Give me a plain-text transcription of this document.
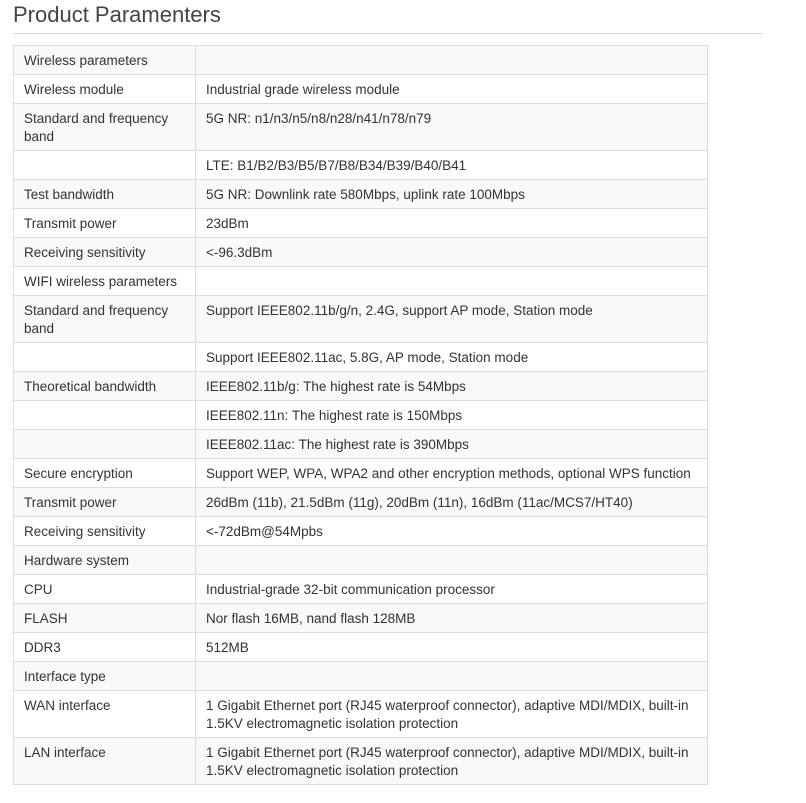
Product Paramenters
Wireless parameters	
Wireless module	Industrial grade wireless module
Standard and frequency band	5G NR: n1/n3/n5/n8/n28/n41/n78/n79
	LTE: B1/B2/B3/B5/B7/B8/B34/B39/B40/B41
Test bandwidth	5G NR: Downlink rate 580Mbps, uplink rate 100Mbps
Transmit power	23dBm
Receiving sensitivity	<-96.3dBm
WIFI wireless parameters	
Standard and frequency band	Support IEEE802.11b/g/n, 2.4G, support AP mode, Station mode
	Support IEEE802.11ac, 5.8G, AP mode, Station mode
Theoretical bandwidth	IEEE802.11b/g: The highest rate is 54Mbps
	IEEE802.11n: The highest rate is 150Mbps
	IEEE802.11ac: The highest rate is 390Mbps
Secure encryption	Support WEP, WPA, WPA2 and other encryption methods, optional WPS function
Transmit power	26dBm (11b), 21.5dBm (11g), 20dBm (11n), 16dBm (11ac/MCS7/HT40)
Receiving sensitivity	<-72dBm@54Mpbs
Hardware system	
CPU	Industrial-grade 32-bit communication processor
FLASH	Nor flash 16MB, nand flash 128MB
DDR3	512MB
Interface type	
WAN interface	1 Gigabit Ethernet port (RJ45 waterproof connector), adaptive MDI/MDIX, built-in 1.5KV electromagnetic isolation protection
LAN interface	1 Gigabit Ethernet port (RJ45 waterproof connector), adaptive MDI/MDIX, built-in 1.5KV electromagnetic isolation protection
